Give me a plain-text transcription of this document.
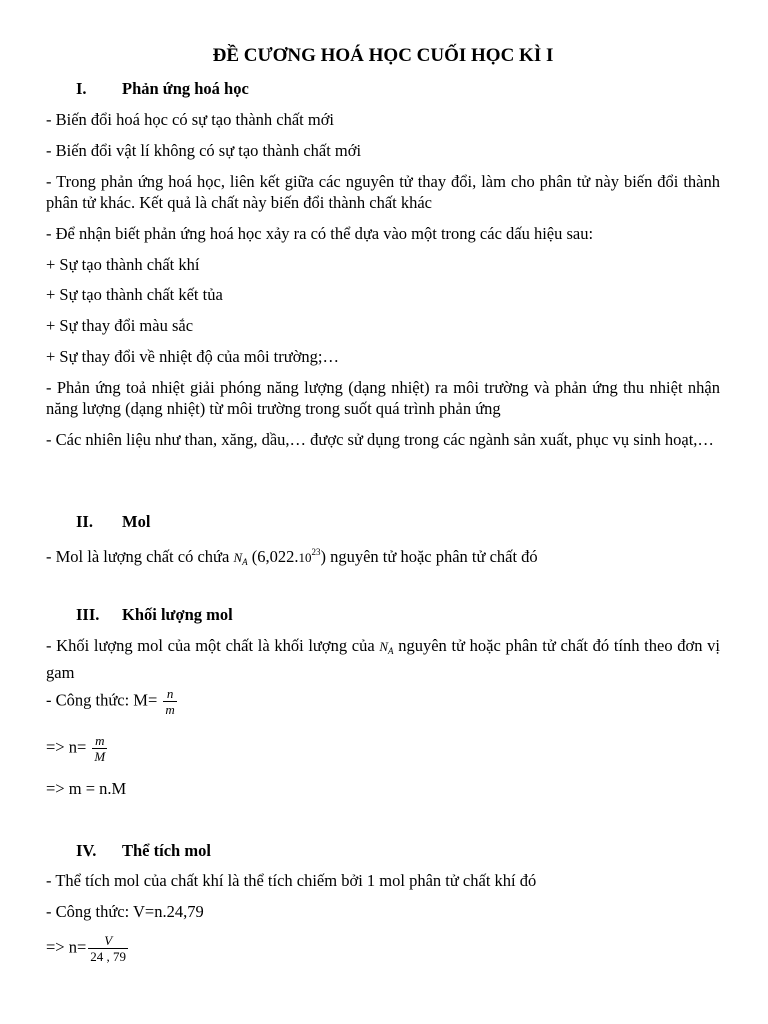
ĐỀ CƯƠNG HOÁ HỌC CUỐI HỌC KÌ I
I. Phản ứng hoá học
- Biến đổi hoá học có sự tạo thành chất mới
- Biến đổi vật lí không có sự tạo thành chất mới
- Trong phản ứng hoá học, liên kết giữa các nguyên tử thay đổi, làm cho phân tử này biến đổi thành phân tử khác. Kết quả là chất này biến đổi thành chất khác
- Để nhận biết phản ứng hoá học xảy ra có thể dựa vào một trong các dấu hiệu sau:
+ Sự tạo thành chất khí
+ Sự tạo thành chất kết tủa
+ Sự thay đổi màu sắc
+ Sự thay đổi về nhiệt độ của môi trường;…
- Phản ứng toả nhiệt giải phóng năng lượng (dạng nhiệt) ra môi trường và phản ứng thu nhiệt nhận năng lượng (dạng nhiệt) từ môi trường trong suốt quá trình phản ứng
- Các nhiên liệu như than, xăng, dầu,… được sử dụng trong các ngành sản xuất, phục vụ sinh hoạt,…
II. Mol
- Mol là lượng chất có chứa $N_A$ (6,022.10$^{23}$) nguyên tử hoặc phân tử chất đó
III. Khối lượng mol
- Khối lượng mol của một chất là khối lượng của $N_A$ nguyên tử hoặc phân tử chất đó tính theo đơn vị gam
- Công thức: $M= \frac{n}{m}$
=> $n= \frac{m}{M}$
=> m = n.M
IV. Thể tích mol
- Thể tích mol của chất khí là thể tích chiếm bởi 1 mol phân tử chất khí đó
- Công thức: V=n.24,79
=> $n= \frac{V}{24 , 79}$
